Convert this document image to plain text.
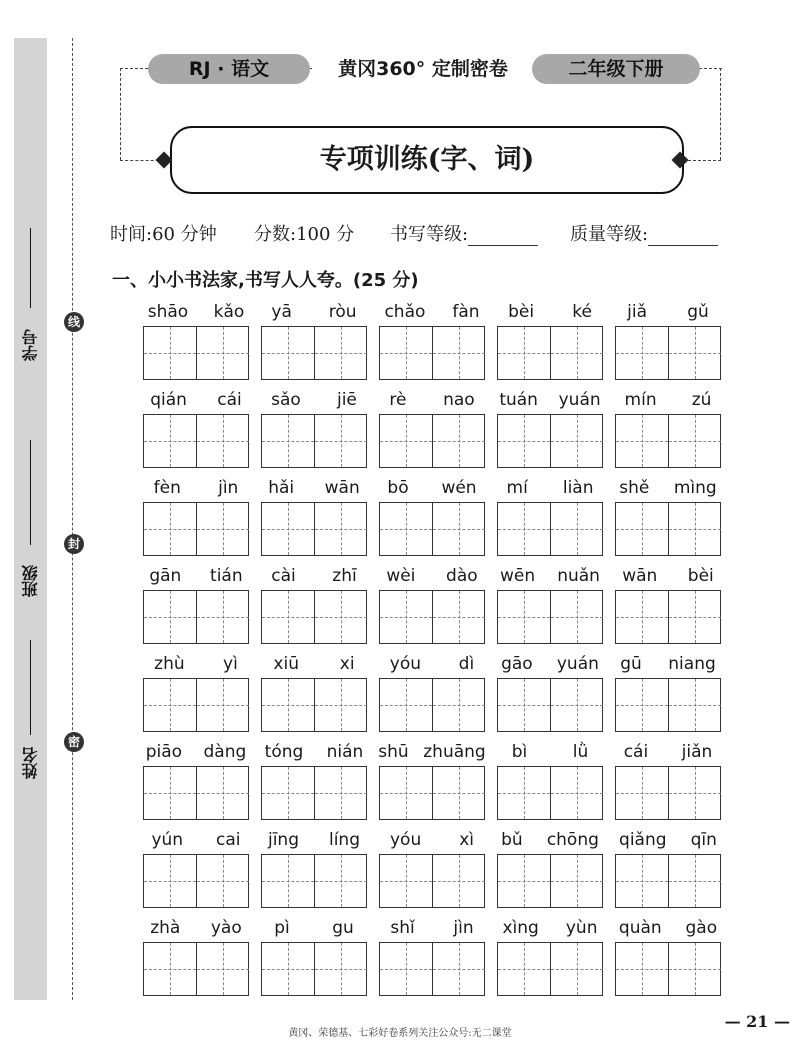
学号
班级
姓名
线
封
密
RJ · 语文	黄冈360° 定制密卷	二年级下册
专项训练(字、词)
时间:60 分钟 分数:100 分 书写等级:	质量等级:
一、小小书法家,书写人人夸。(25 分)
shāo kǎo yā ròu chǎo fàn bèi ké jiǎ gǔ
qián cái sǎo jiē rè nao tuán yuán mín zú
fèn jìn hǎi wān bō wén mí liàn shě mìng
gān tián cài zhī wèi dào wēn nuǎn wān bèi
zhù yì xiū xi yóu dì gāo yuán gū niang
piāo dàng tóng nián shū zhuāng bì	lǜ cái jiǎn
yún cai jīng líng yóu xì bǔ chōng qiǎng qīn
zhà yào pì gu shǐ jìn xìng yùn quàn gào
黄冈、荣德基、七彩好卷系列关注公众号:无二课堂
— 21 —
